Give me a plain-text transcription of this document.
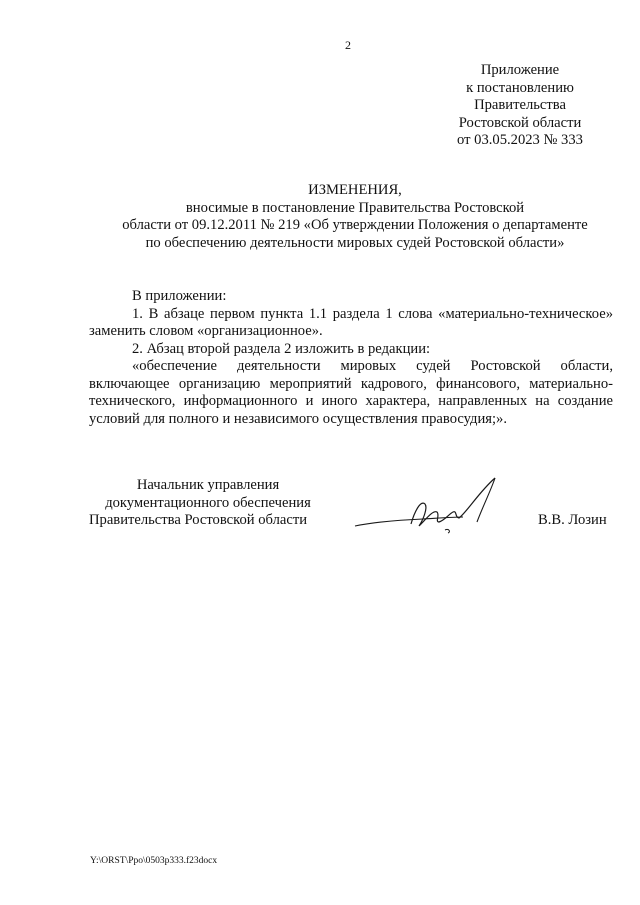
2
Приложение
к постановлению
Правительства
Ростовской области
от 03.05.2023 № 333
ИЗМЕНЕНИЯ,
вносимые в постановление Правительства Ростовской
области от 09.12.2011 № 219 «Об утверждении Положения о департаменте
по обеспечению деятельности мировых судей Ростовской области»

В приложении:

1. В абзаце первом пункта 1.1 раздела 1 слова «материально-техническое» заменить словом «организационное».

2. Абзац второй раздела 2 изложить в редакции:

«обеспечение деятельности мировых судей Ростовской области, включающее организацию мероприятий кадрового, финансового, материально-технического, информационного и иного характера, направленных на создание условий для полного и независимого осуществления правосудия;».

Начальник управления
документационного обеспечения
Правительства Ростовской области	В.В. Лозин
Y:\ORST\Ppo\0503p333.f23docx
